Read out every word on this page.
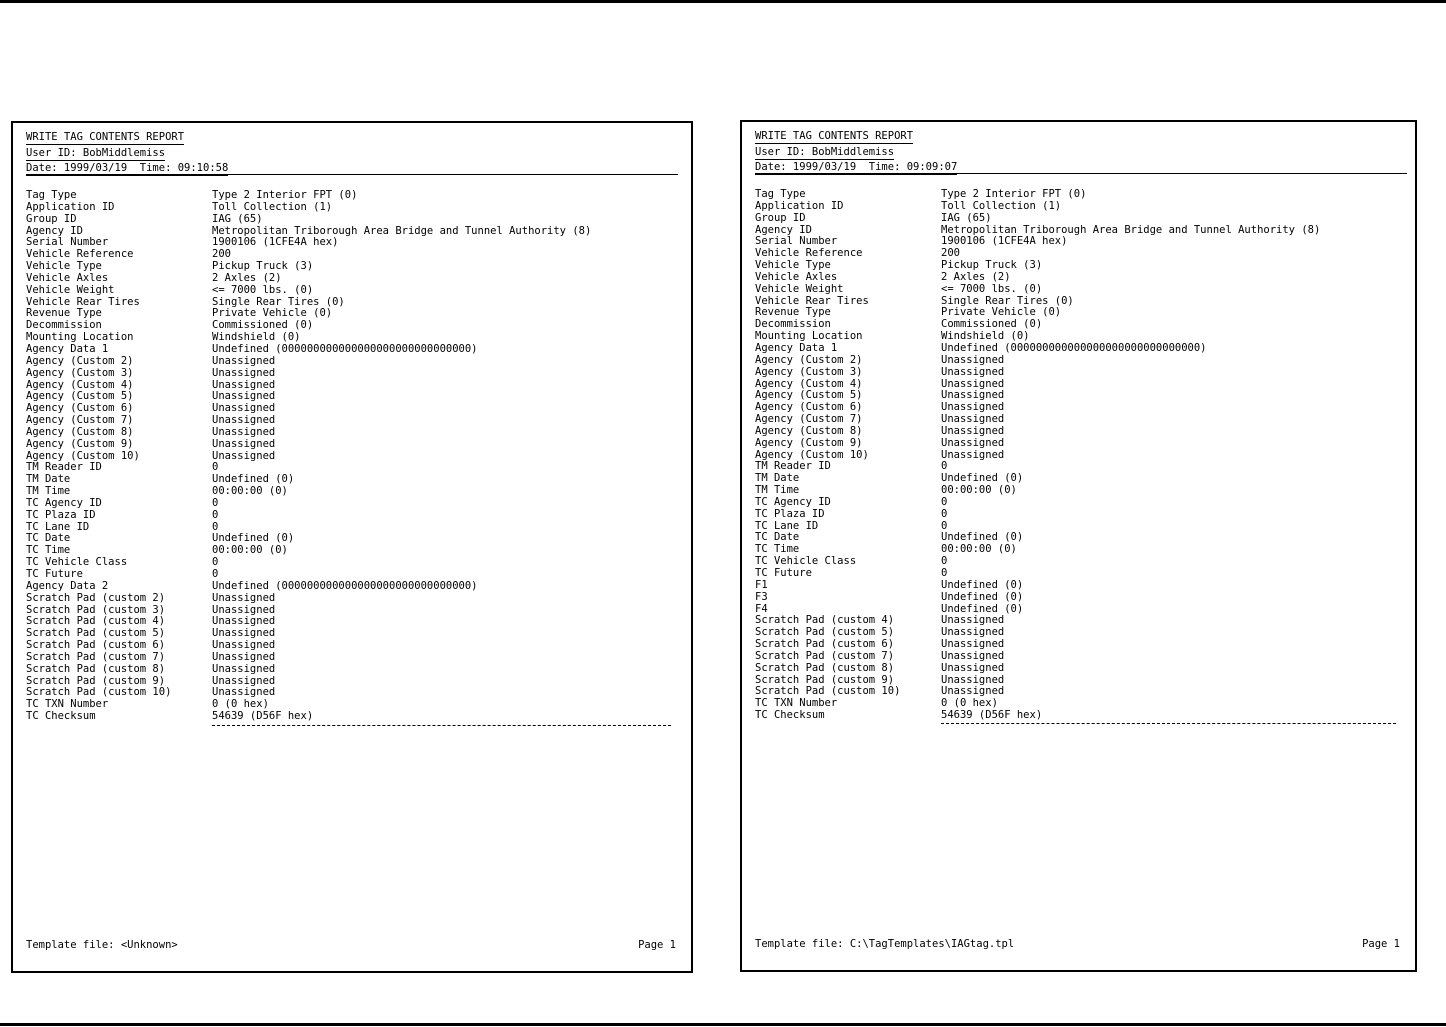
WRITE TAG CONTENTS REPORT
User ID: BobMiddlemiss
Date: 1999/03/19  Time: 09:10:58
Tag Type	Type 2 Interior FPT (0)
Application ID	Toll Collection (1)
Group ID	IAG (65)
Agency ID	Metropolitan Triborough Area Bridge and Tunnel Authority (8)
Serial Number	1900106 (1CFE4A hex)
Vehicle Reference	200
Vehicle Type	Pickup Truck (3)
Vehicle Axles	2 Axles (2)
Vehicle Weight	<= 7000 lbs. (0)
Vehicle Rear Tires	Single Rear Tires (0)
Revenue Type	Private Vehicle (0)
Decommission	Commissioned (0)
Mounting Location	Windshield (0)
Agency Data 1	Undefined (000000000000000000000000000000)
Agency (Custom 2)	Unassigned
Agency (Custom 3)	Unassigned
Agency (Custom 4)	Unassigned
Agency (Custom 5)	Unassigned
Agency (Custom 6)	Unassigned
Agency (Custom 7)	Unassigned
Agency (Custom 8)	Unassigned
Agency (Custom 9)	Unassigned
Agency (Custom 10)	Unassigned
TM Reader ID	0
TM Date	Undefined (0)
TM Time	00:00:00 (0)
TC Agency ID	0
TC Plaza ID	0
TC Lane ID	0
TC Date	Undefined (0)
TC Time	00:00:00 (0)
TC Vehicle Class	0
TC Future	0
Agency Data 2	Undefined (000000000000000000000000000000)
Scratch Pad (custom 2)	Unassigned
Scratch Pad (custom 3)	Unassigned
Scratch Pad (custom 4)	Unassigned
Scratch Pad (custom 5)	Unassigned
Scratch Pad (custom 6)	Unassigned
Scratch Pad (custom 7)	Unassigned
Scratch Pad (custom 8)	Unassigned
Scratch Pad (custom 9)	Unassigned
Scratch Pad (custom 10)	Unassigned
TC TXN Number	0 (0 hex)
TC Checksum	54639 (D56F hex)
Template file: <Unknown>	Page 1
WRITE TAG CONTENTS REPORT
User ID: BobMiddlemiss
Date: 1999/03/19  Time: 09:09:07
Tag Type	Type 2 Interior FPT (0)
Application ID	Toll Collection (1)
Group ID	IAG (65)
Agency ID	Metropolitan Triborough Area Bridge and Tunnel Authority (8)
Serial Number	1900106 (1CFE4A hex)
Vehicle Reference	200
Vehicle Type	Pickup Truck (3)
Vehicle Axles	2 Axles (2)
Vehicle Weight	<= 7000 lbs. (0)
Vehicle Rear Tires	Single Rear Tires (0)
Revenue Type	Private Vehicle (0)
Decommission	Commissioned (0)
Mounting Location	Windshield (0)
Agency Data 1	Undefined (000000000000000000000000000000)
Agency (Custom 2)	Unassigned
Agency (Custom 3)	Unassigned
Agency (Custom 4)	Unassigned
Agency (Custom 5)	Unassigned
Agency (Custom 6)	Unassigned
Agency (Custom 7)	Unassigned
Agency (Custom 8)	Unassigned
Agency (Custom 9)	Unassigned
Agency (Custom 10)	Unassigned
TM Reader ID	0
TM Date	Undefined (0)
TM Time	00:00:00 (0)
TC Agency ID	0
TC Plaza ID	0
TC Lane ID	0
TC Date	Undefined (0)
TC Time	00:00:00 (0)
TC Vehicle Class	0
TC Future	0
F1	Undefined (0)
F3	Undefined (0)
F4	Undefined (0)
Scratch Pad (custom 4)	Unassigned
Scratch Pad (custom 5)	Unassigned
Scratch Pad (custom 6)	Unassigned
Scratch Pad (custom 7)	Unassigned
Scratch Pad (custom 8)	Unassigned
Scratch Pad (custom 9)	Unassigned
Scratch Pad (custom 10)	Unassigned
TC TXN Number	0 (0 hex)
TC Checksum	54639 (D56F hex)
Template file: C:\TagTemplates\IAGtag.tpl	Page 1
